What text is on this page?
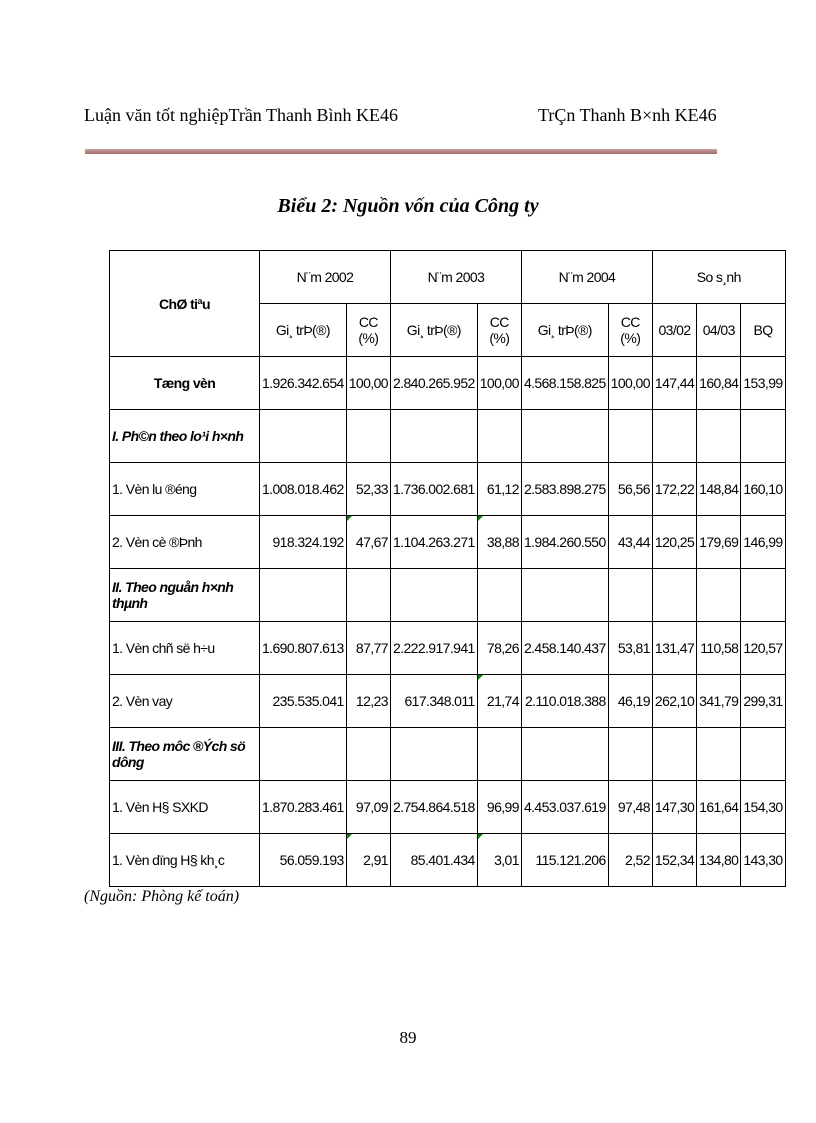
Luận văn tốt nghiệpTrần Thanh Bình KE46	TrÇn Thanh B×nh KE46
Biểu 2: Nguồn vốn của Công ty
ChØ tiªu	N¨m 2002		N¨m 2003		N¨m 2004		So s¸nh		
	Gi¸ trÞ(®)	CC (%)	Gi¸ trÞ(®)	CC (%)	Gi¸ trÞ(®)	CC (%)	03/02	04/03	BQ
Tæng vèn	1.926.342.654	100,00	2.840.265.952	100,00	4.568.158.825	100,00	147,44	160,84	153,99
I. Ph©n theo lo¹i h×nh									
1. Vèn lu ®éng	1.008.018.462	52,33	1.736.002.681	61,12	2.583.898.275	56,56	172,22	148,84	160,10
2. Vèn cè ®Þnh	918.324.192	47,67	1.104.263.271	38,88	1.984.260.550	43,44	120,25	179,69	146,99
II. Theo nguån h×nh thµnh									
1. Vèn chñ së h÷u	1.690.807.613	87,77	2.222.917.941	78,26	2.458.140.437	53,81	131,47	110,58	120,57
2. Vèn vay	235.535.041	12,23	617.348.011	21,74	2.110.018.388	46,19	262,10	341,79	299,31
III. Theo môc ®Ých sö dông									
1. Vèn H§ SXKD	1.870.283.461	97,09	2.754.864.518	96,99	4.453.037.619	97,48	147,30	161,64	154,30
1. Vèn dïng H§ kh¸c	56.059.193	2,91	85.401.434	3,01	115.121.206	2,52	152,34	134,80	143,30
(Nguồn: Phòng kế toán)
89
